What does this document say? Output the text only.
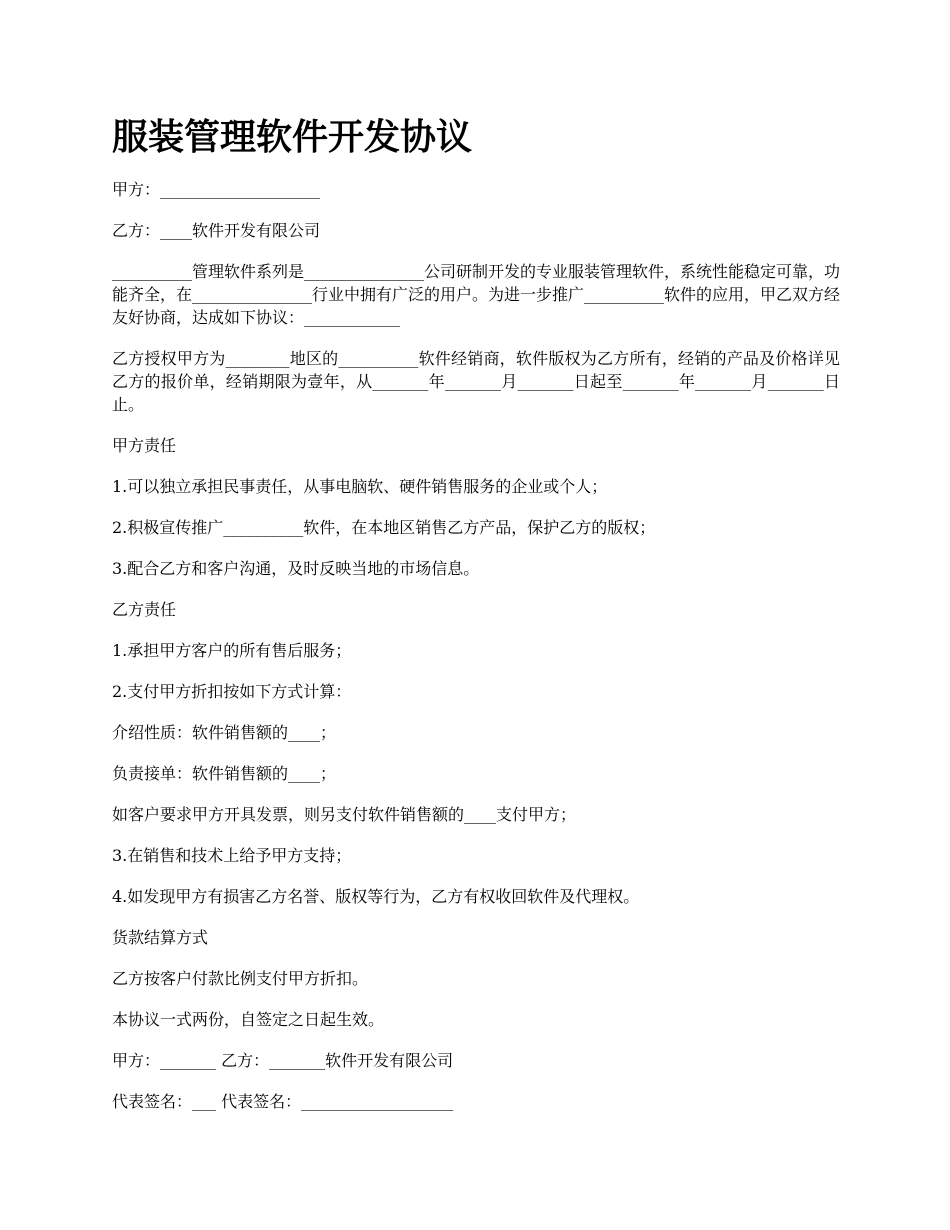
服装管理软件开发协议

甲方：____________________

乙方：____软件开发有限公司

__________管理软件系列是_______________公司研制开发的专业服装管理软件，系统性能稳定可靠，功能齐全，在_______________行业中拥有广泛的用户。为进一步推广__________软件的应用，甲乙双方经友好协商，达成如下协议：____________

乙方授权甲方为________地区的__________软件经销商，软件版权为乙方所有，经销的产品及价格详见乙方的报价单，经销期限为壹年，从_______年_______月_______日起至_______年_______月_______日止。

甲方责任

1.可以独立承担民事责任，从事电脑软、硬件销售服务的企业或个人；

2.积极宣传推广__________软件，在本地区销售乙方产品，保护乙方的版权；

3.配合乙方和客户沟通，及时反映当地的市场信息。

乙方责任

1.承担甲方客户的所有售后服务；

2.支付甲方折扣按如下方式计算：

介绍性质：软件销售额的____；

负责接单：软件销售额的____；

如客户要求甲方开具发票，则另支付软件销售额的____支付甲方；

3.在销售和技术上给予甲方支持；

4.如发现甲方有损害乙方名誉、版权等行为，乙方有权收回软件及代理权。

货款结算方式

乙方按客户付款比例支付甲方折扣。

本协议一式两份，自签定之日起生效。

甲方：_______ 乙方：_______软件开发有限公司

代表签名：___ 代表签名：___________________
